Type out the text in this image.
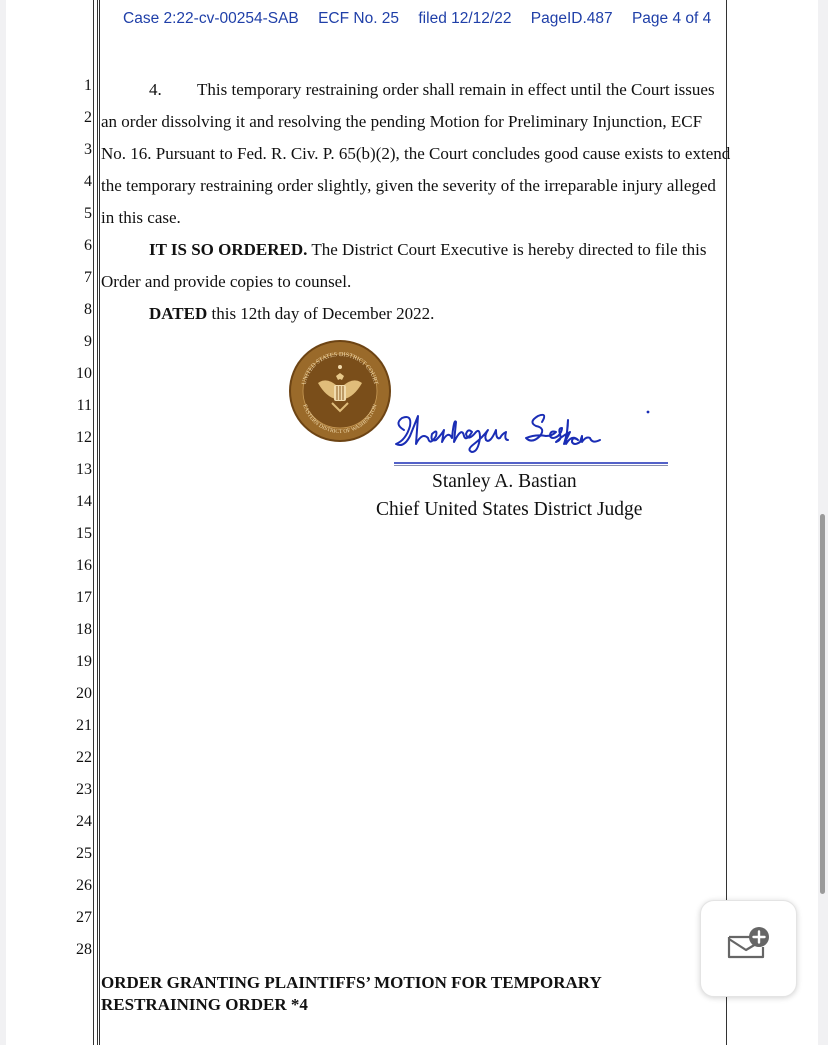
Case 2:22-cv-00254-SAB ECF No. 25 filed 12/12/22 PageID.487 Page 4 of 4
1
2
3
4
5
6
7
8
9
10
11
12
13
14
15
16
17
18
19
20
21
22
23
24
25
26
27
28

4. This temporary restraining order shall remain in effect until the Court issues an order dissolving it and resolving the pending Motion for Preliminary Injunction, ECF No. 16. Pursuant to Fed. R. Civ. P. 65(b)(2), the Court concludes good cause exists to extend the temporary restraining order slightly, given the severity of the irreparable injury alleged in this case.

IT IS SO ORDERED. The District Court Executive is hereby directed to file this Order and provide copies to counsel.

DATED this 12th day of December 2022.

UNITED STATES DISTRICT COURT
EASTERN DISTRICT OF WASHINGTON
Stanley A. Bastian
Chief United States District Judge
ORDER GRANTING PLAINTIFFS’ MOTION FOR TEMPORARY
RESTRAINING ORDER *4
